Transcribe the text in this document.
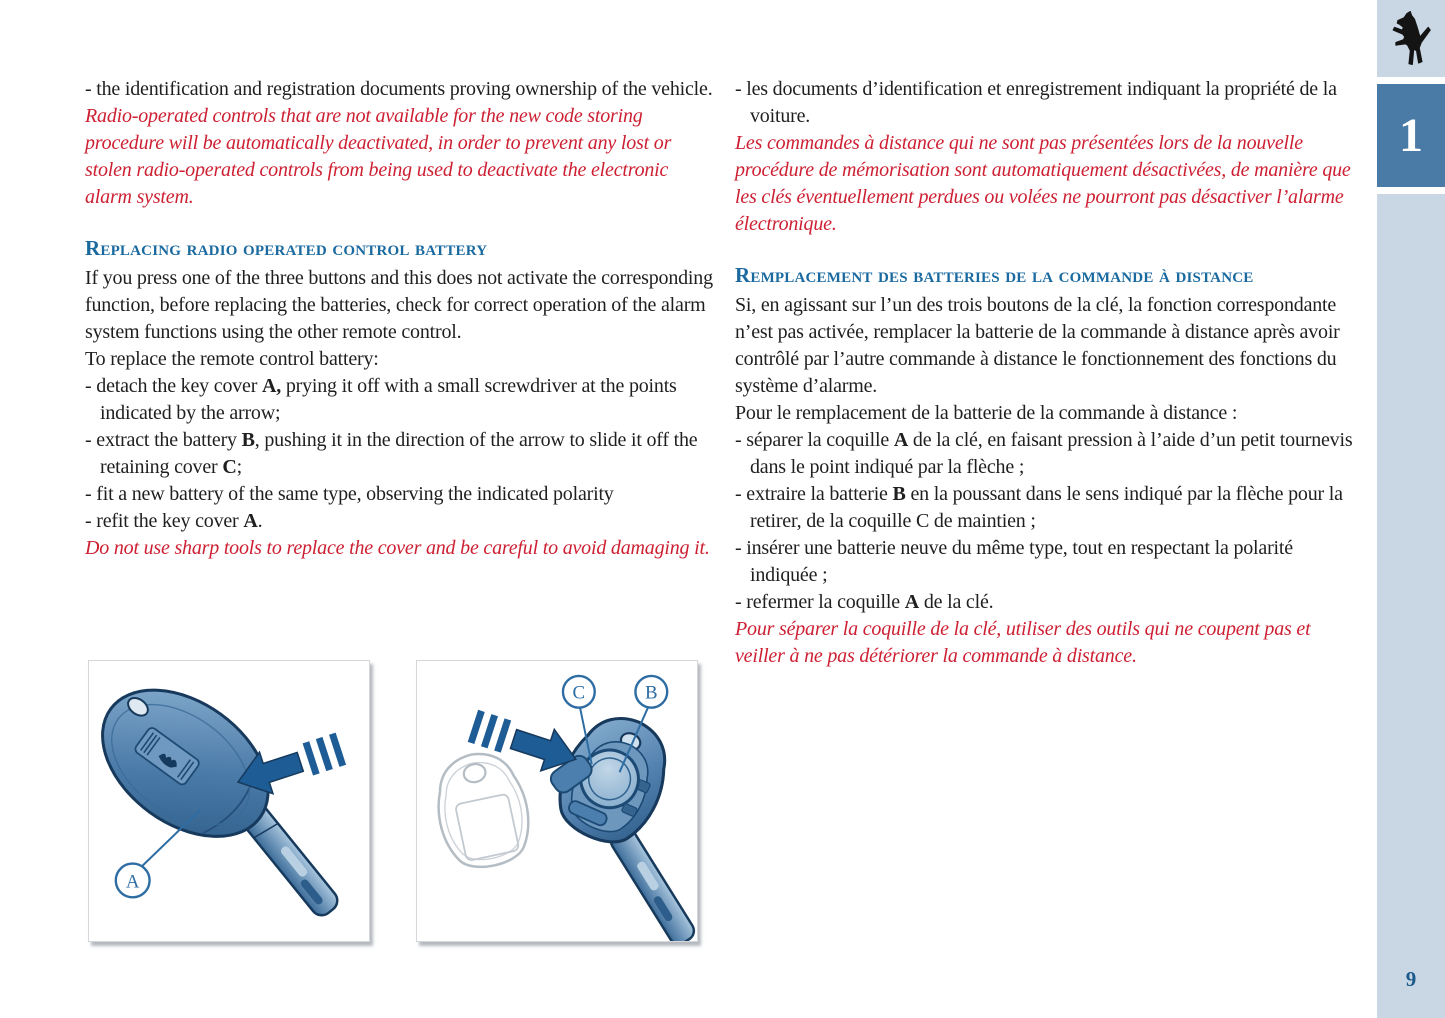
- the identification and registration documents proving ownership of the vehicle.

Radio-operated controls that are not available for the new code storing procedure will be automatically deactivated, in order to prevent any lost or stolen radio-operated controls from being used to deactivate the electronic alarm system.

Replacing radio operated control battery

If you press one of the three buttons and this does not activate the corresponding function, before replacing the batteries, check for correct operation of the alarm system functions using the other remote control.

To replace the remote control battery:

- detach the key cover A, prying it off with a small screwdriver at the points indicated by the arrow;

- extract the battery B, pushing it in the direction of the arrow to slide it off the retaining cover C;

- fit a new battery of the same type, observing the indicated polarity

- refit the key cover A.

Do not use sharp tools to replace the cover and be careful to avoid damaging it.

- les documents d’identification et enregistrement indiquant la propriété de la voiture.

Les commandes à distance qui ne sont pas présentées lors de la nouvelle procédure de mémorisation sont automatiquement désactivées, de manière que les clés éventuellement perdues ou volées ne pourront pas désactiver l’alarme électronique.

Remplacement des batteries de la commande à distance

Si, en agissant sur l’un des trois boutons de la clé, la fonction correspondante n’est pas activée, remplacer la batterie de la commande à distance après avoir contrôlé par l’autre commande à distance le fonctionnement des fonctions du système d’alarme.

Pour le remplacement de la batterie de la commande à distance :

- séparer la coquille A de la clé, en faisant pression à l’aide d’un petit tournevis dans le point indiqué par la flèche ;

- extraire la batterie B en la poussant dans le sens indiqué par la flèche pour la retirer, de la coquille C de maintien ;

- insérer une batterie neuve du même type, tout en respectant la polarité indiquée ;

- refermer la coquille A de la clé.

Pour séparer la coquille de la clé, utiliser des outils qui ne coupent pas et veiller à ne pas détériorer la commande à distance.

1
9
A
C	B
